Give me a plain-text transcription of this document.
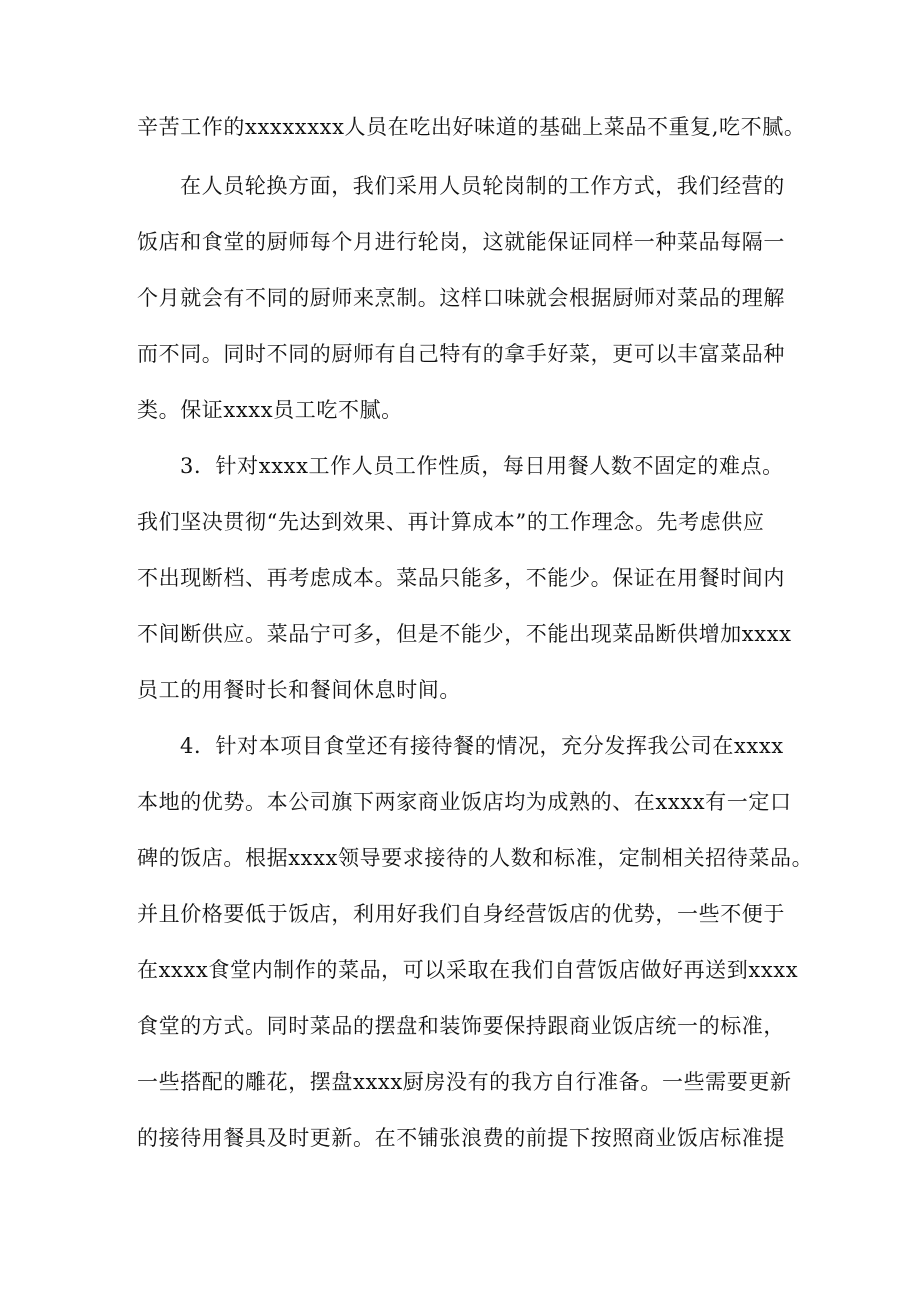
辛苦工作的xxxxxxxx人员在吃出好味道的基础上菜品不重复,吃不腻。
在人员轮换方面，我们采用人员轮岗制的工作方式，我们经营的
饭店和食堂的厨师每个月进行轮岗，这就能保证同样一种菜品每隔一
个月就会有不同的厨师来烹制。这样口味就会根据厨师对菜品的理解
而不同。同时不同的厨师有自己特有的拿手好菜，更可以丰富菜品种
类。保证xxxx员工吃不腻。
3．针对xxxx工作人员工作性质，每日用餐人数不固定的难点。
我们坚决贯彻“先达到效果、再计算成本”的工作理念。先考虑供应
不出现断档、再考虑成本。菜品只能多，不能少。保证在用餐时间内
不间断供应。菜品宁可多，但是不能少，不能出现菜品断供增加xxxx
员工的用餐时长和餐间休息时间。
4．针对本项目食堂还有接待餐的情况，充分发挥我公司在xxxx
本地的优势。本公司旗下两家商业饭店均为成熟的、在xxxx有一定口
碑的饭店。根据xxxx领导要求接待的人数和标准，定制相关招待菜品。
并且价格要低于饭店，利用好我们自身经营饭店的优势，一些不便于
在xxxx食堂内制作的菜品，可以采取在我们自营饭店做好再送到xxxx
食堂的方式。同时菜品的摆盘和装饰要保持跟商业饭店统一的标准，
一些搭配的雕花，摆盘xxxx厨房没有的我方自行准备。一些需要更新
的接待用餐具及时更新。在不铺张浪费的前提下按照商业饭店标准提
